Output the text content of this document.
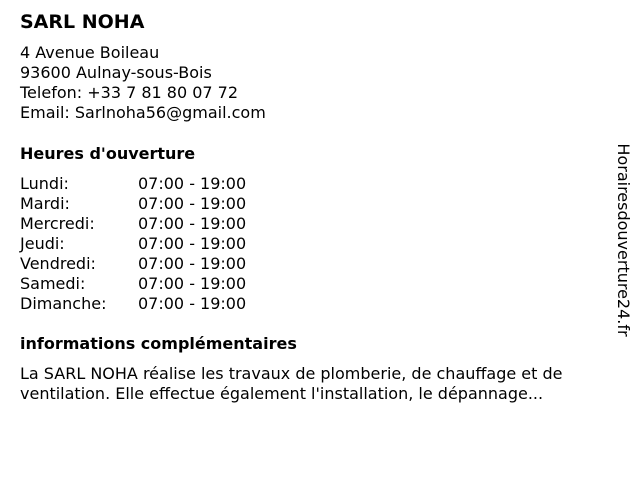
SARL NOHA
4 Avenue Boileau
93600 Aulnay-sous-Bois
Telefon: +33 7 81 80 07 72
Email: Sarlnoha56@gmail.com
Heures d'ouverture
Lundi:	07:00 - 19:00
Mardi:	07:00 - 19:00
Mercredi:	07:00 - 19:00
Jeudi:	07:00 - 19:00
Vendredi:	07:00 - 19:00
Samedi:	07:00 - 19:00
Dimanche:	07:00 - 19:00
informations complémentaires

La SARL NOHA réalise les travaux de plomberie, de chauffage et de ventilation. Elle effectue également l'installation, le dépannage...

Horairesdouverture24.fr
